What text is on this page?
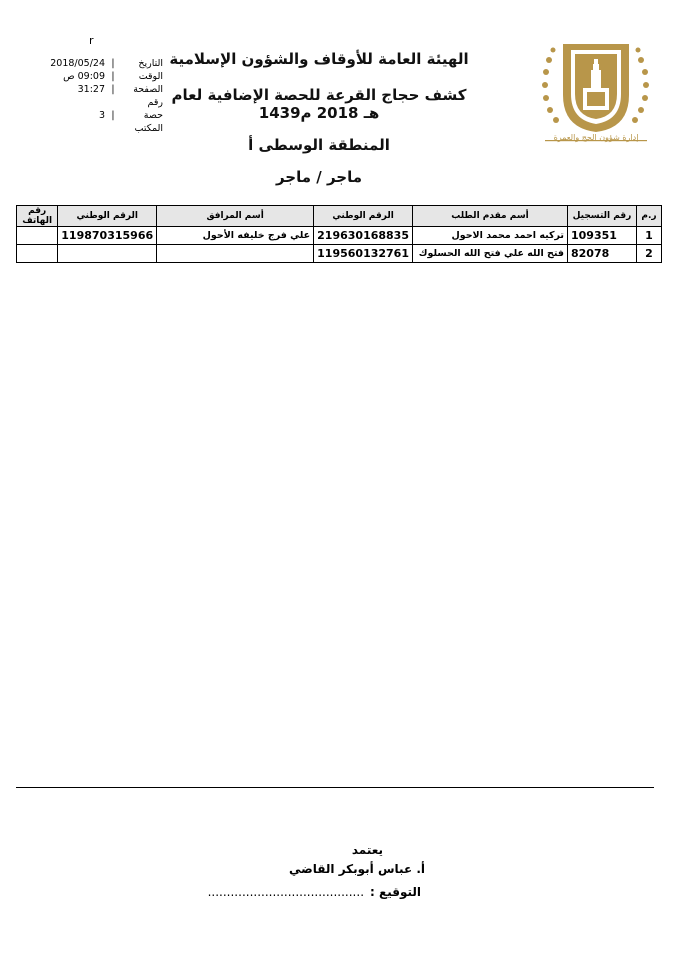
r
التاريخ
|
2018/05/24
الوقت
|
09:09 ص
الصفحة رقم
|
31:27
حصة المكتب
|
3
الهيئة العامة للأوقاف والشؤون الإسلامية
كشف حجاج القرعة للحصة الإضافية لعام
1439هـ 2018 م
المنطقة الوسطى أ
ماجر / ماجر
إدارة شؤون الحج والعمرة
ر.م	رقم التسجيل	أسم مقدم الطلب	الرقم الوطني	أسم المرافق	الرقم الوطني	رقم الهاتف
1	109351	تركيه احمد محمد الاحول	219630168835	علي فرج خليفه الأحول	119870315966	
2	82078	فتح الله علي فتح الله الحسلوك	119560132761			
يعتمد
أ. عباس أبوبكر القاضي
التوقيع :
.........................................
